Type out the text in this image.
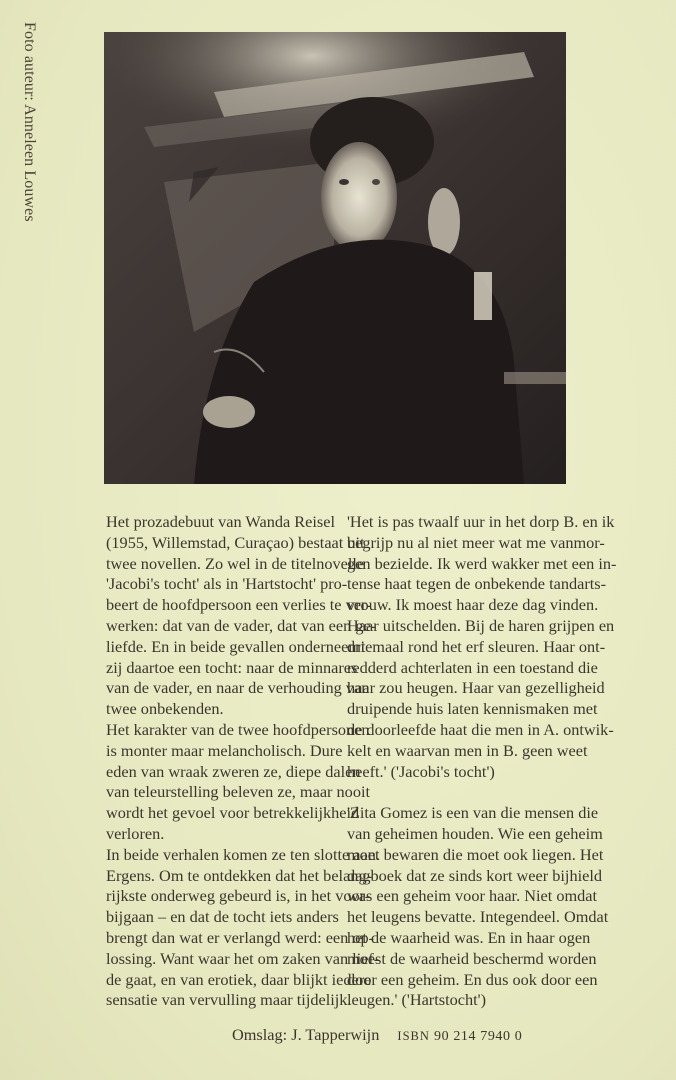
Foto auteur: Anneleen Louwes
Het prozadebuut van Wanda Reisel
(1955, Willemstad, Curaçao) bestaat uit
twee novellen. Zo wel in de titelnovelle
'Jacobi's tocht' als in 'Hartstocht' pro-
beert de hoofdpersoon een verlies te ver-
werken: dat van de vader, dat van een ge-
liefde. En in beide gevallen onderneemt
zij daartoe een tocht: naar de minnares
van de vader, en naar de verhouding van
twee onbekenden.
Het karakter van de twee hoofdpersonen
is monter maar melancholisch. Dure
eden van wraak zweren ze, diepe dalen
van teleurstelling beleven ze, maar nooit
wordt het gevoel voor betrekkelijkheid
verloren.
In beide verhalen komen ze ten slotte aan.
Ergens. Om te ontdekken dat het belang-
rijkste onderweg gebeurd is, in het voor-
bijgaan – en dat de tocht iets anders
brengt dan wat er verlangd werd: een op-
lossing. Want waar het om zaken van lief-
de gaat, en van erotiek, daar blijkt iedere
sensatie van vervulling maar tijdelijk.
'Het is pas twaalf uur in het dorp B. en ik
begrijp nu al niet meer wat me vanmor-
gen bezielde. Ik werd wakker met een in-
tense haat tegen de onbekende tandarts-
vrouw. Ik moest haar deze dag vinden.
Haar uitschelden. Bij de haren grijpen en
driemaal rond het erf sleuren. Haar ont-
redderd achterlaten in een toestand die
haar zou heugen. Haar van gezelligheid
druipende huis laten kennismaken met
de doorleefde haat die men in A. ontwik-
kelt en waarvan men in B. geen weet
heeft.' ('Jacobi's tocht')
'Zita Gomez is een van die mensen die
van geheimen houden. Wie een geheim
moet bewaren die moet ook liegen. Het
dagboek dat ze sinds kort weer bijhield
was een geheim voor haar. Niet omdat
het leugens bevatte. Integendeel. Omdat
het de waarheid was. En in haar ogen
moest de waarheid beschermd worden
door een geheim. En dus ook door een
leugen.' ('Hartstocht')
Omslag: J. Tapperwijn ISBN 90 214 7940 0
